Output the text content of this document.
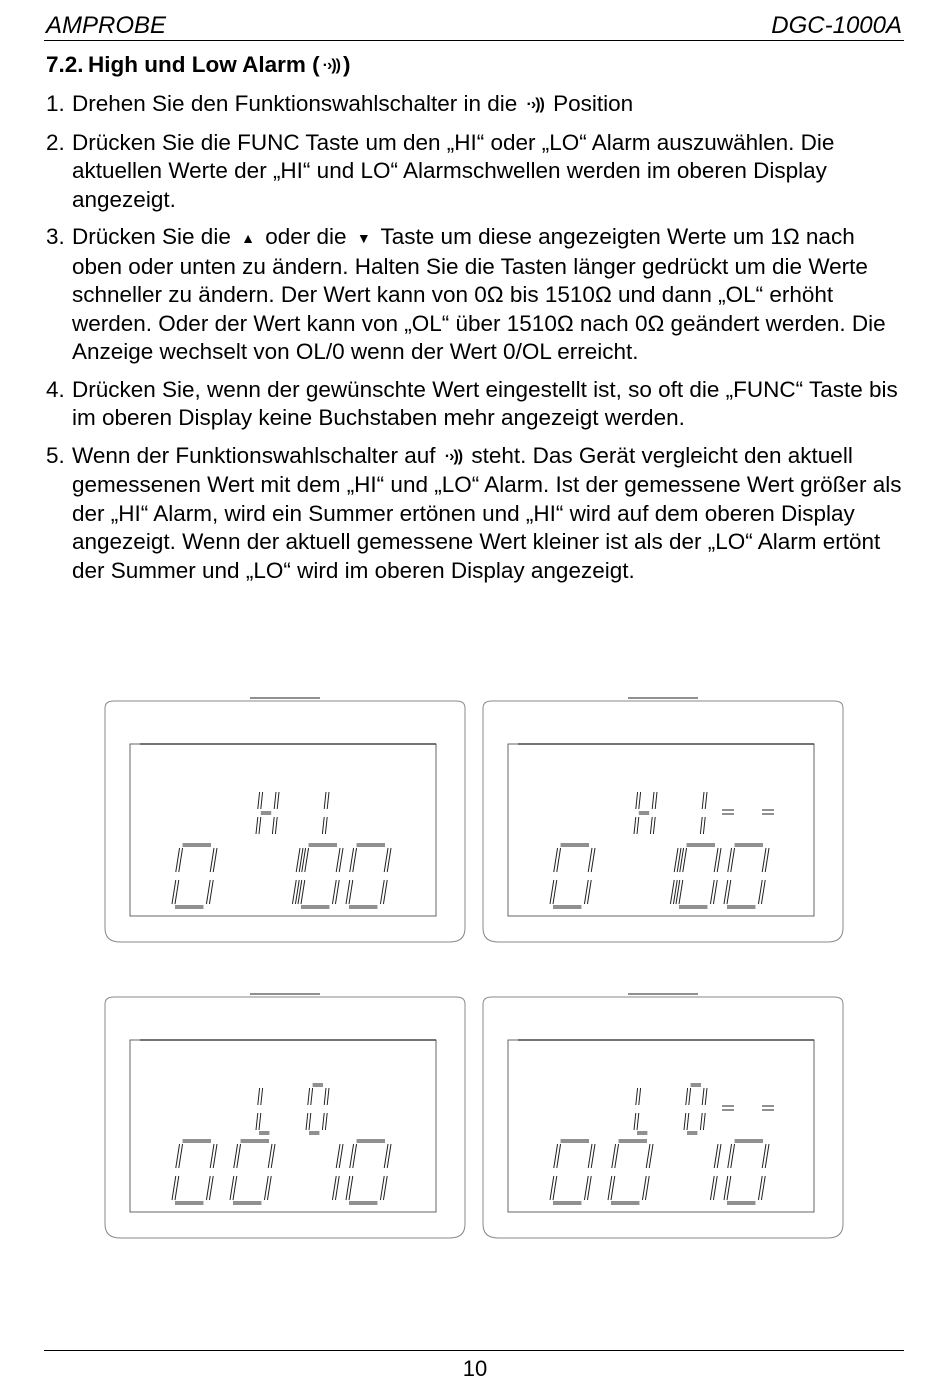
AMPROBE	DGC-1000A
7.2. High und Low Alarm ( ·›)) )
1. Drehen Sie den Funktionswahlschalter in die ·›)) Position
2. Drücken Sie die FUNC Taste um den „HI“ oder „LO“ Alarm auszuwählen. Die aktuellen Werte der „HI“ und LO“ Alarmschwellen werden im oberen Display angezeigt.
3. Drücken Sie die ▲ oder die ▼ Taste um diese angezeigten Werte um 1Ω nach oben oder unten zu ändern. Halten Sie die Tasten länger gedrückt um die Werte schneller zu ändern. Der Wert kann von 0Ω bis 1510Ω und dann „OL“ erhöht werden. Oder der Wert kann von „OL“ über 1510Ω nach 0Ω geändert werden. Die Anzeige wechselt von OL/0 wenn der Wert 0/OL erreicht.
4. Drücken Sie, wenn der gewünschte Wert eingestellt ist, so oft die „FUNC“ Taste bis im oberen Display keine Buchstaben mehr angezeigt werden.
5. Wenn der Funktionswahlschalter auf ·›)) steht. Das Gerät vergleicht den aktuell gemessenen Wert mit dem „HI“ und „LO“ Alarm. Ist der gemessene Wert größer als der „HI“ Alarm, wird ein Summer ertönen und „HI“ wird auf dem oberen Display angezeigt. Wenn der aktuell gemessene Wert kleiner ist als der „LO“ Alarm ertönt der Summer und „LO“ wird im oberen Display angezeigt.
10
